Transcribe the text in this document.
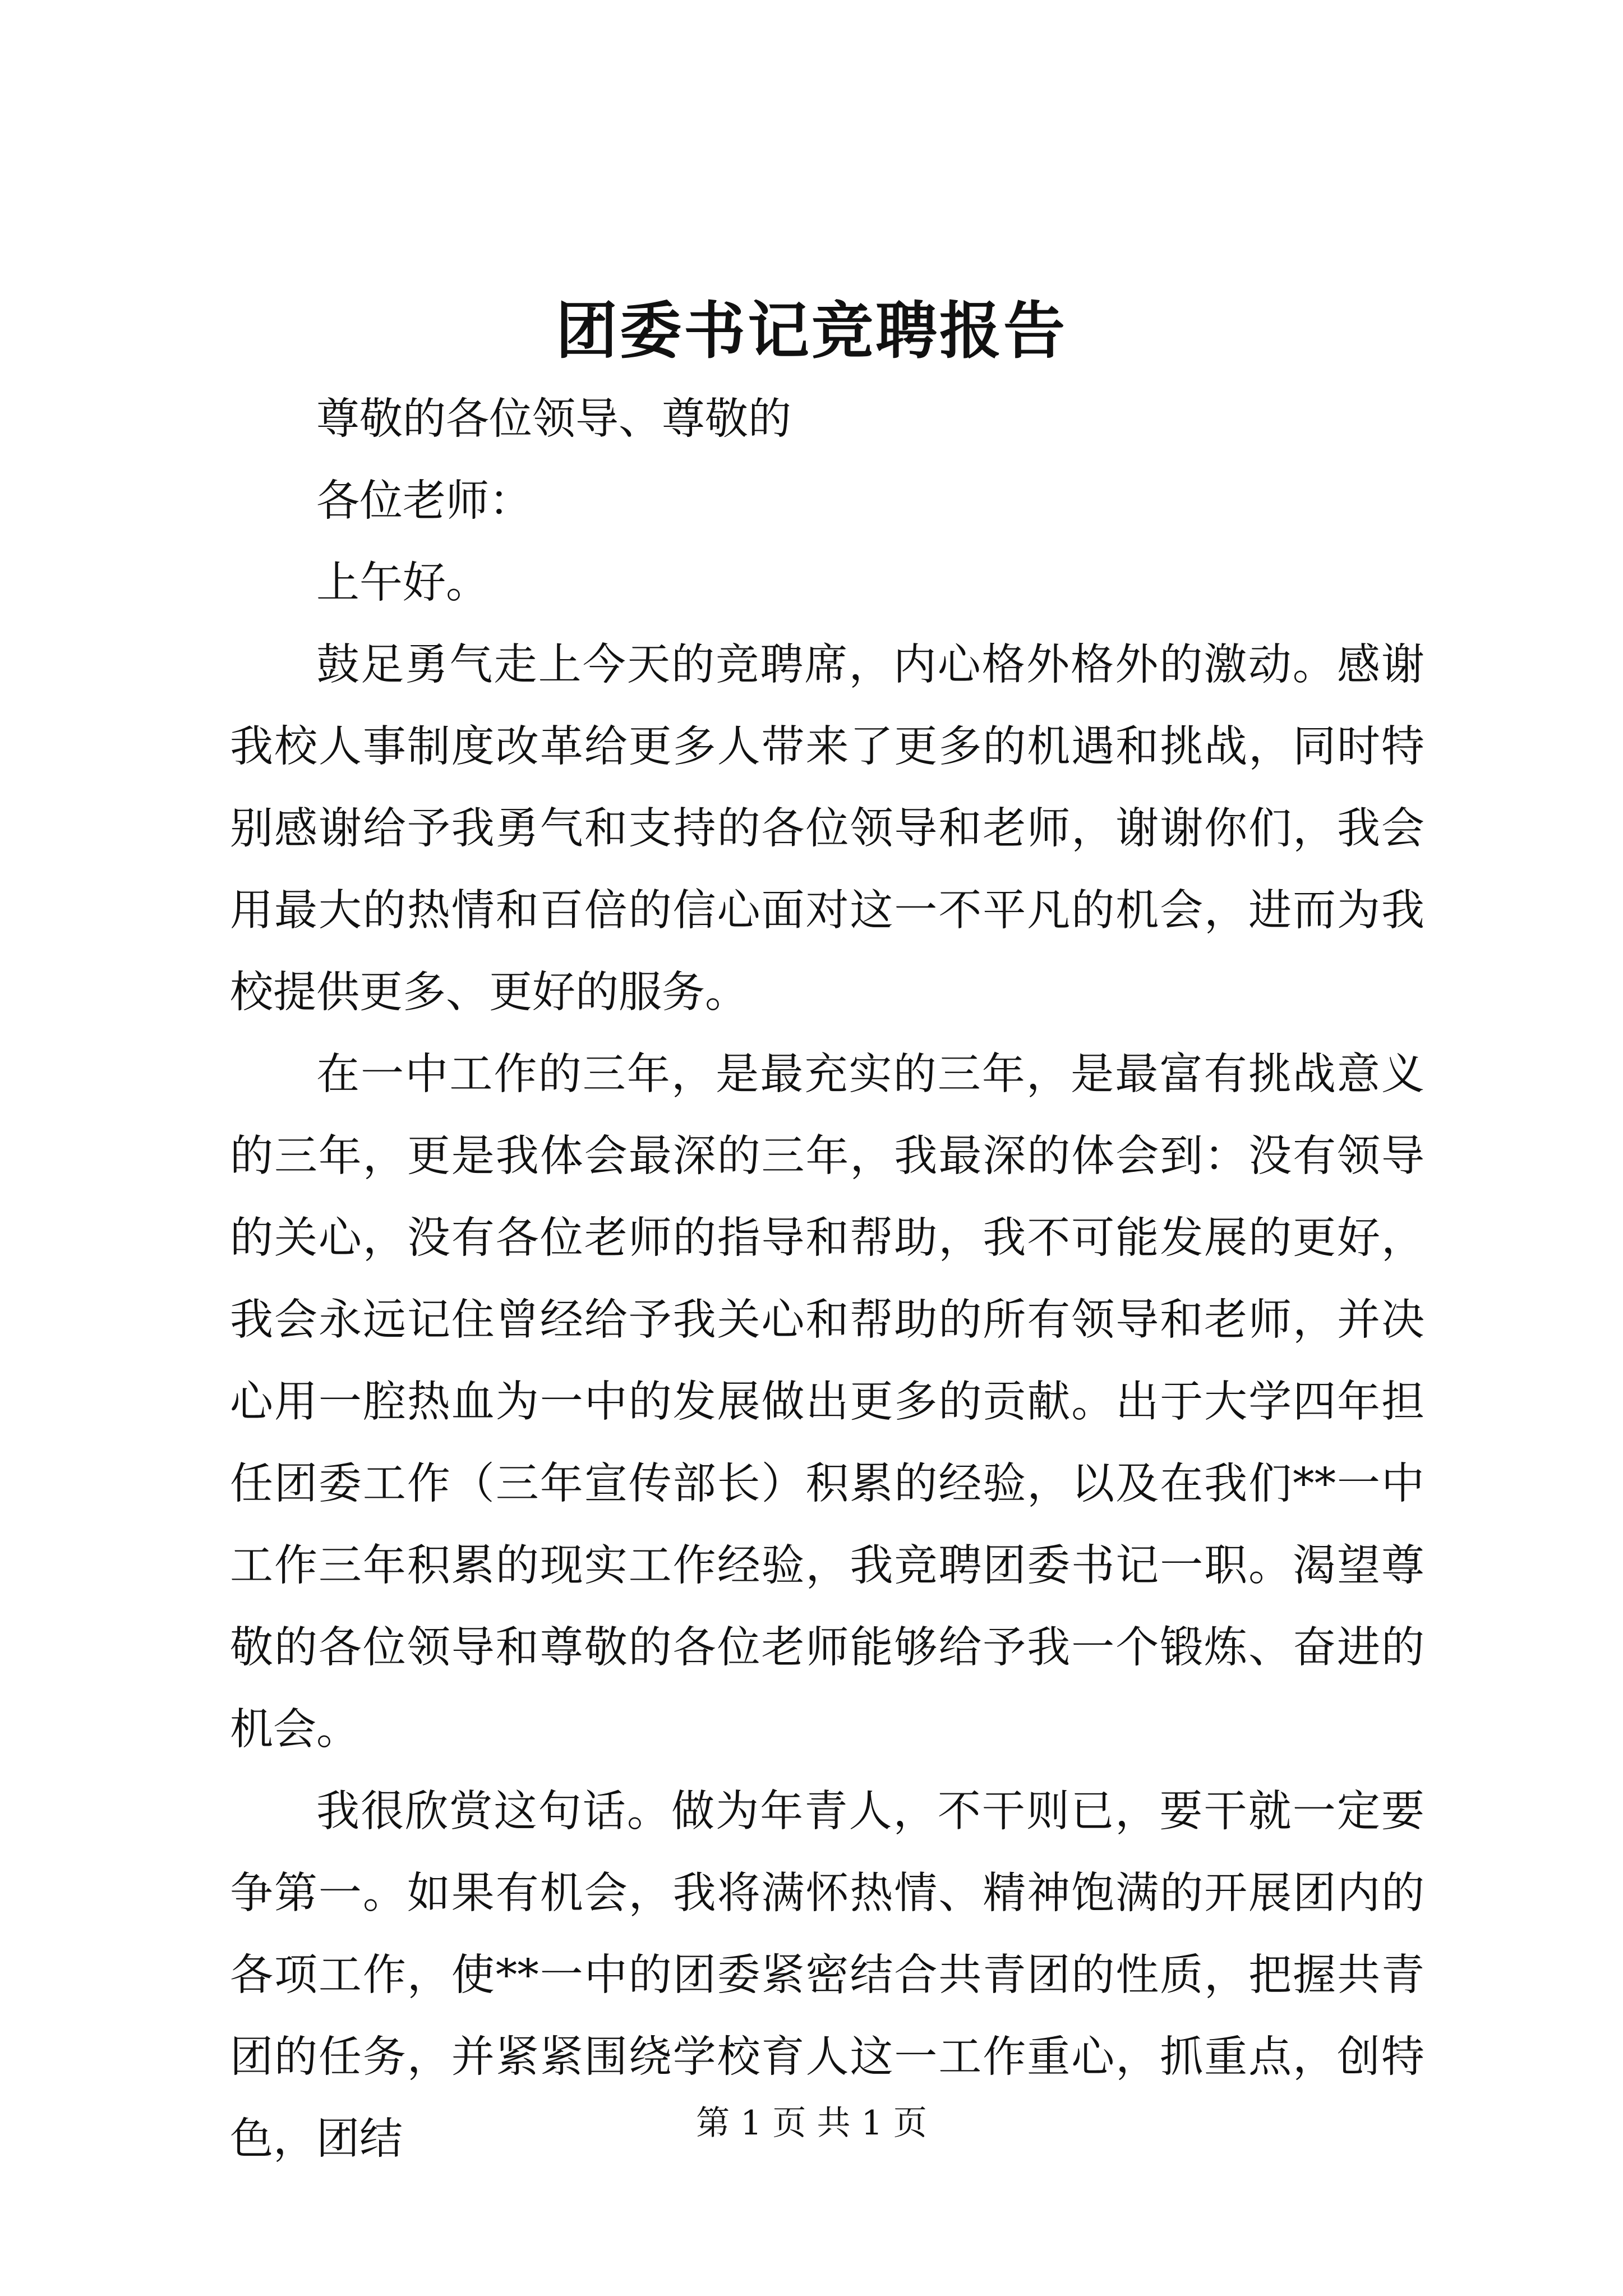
团委书记竞聘报告

尊敬的各位领导、尊敬的

各位老师：

上午好。

鼓足勇气走上今天的竞聘席，内心格外格外的激动。感谢我校人事制度改革给更多人带来了更多的机遇和挑战，同时特别感谢给予我勇气和支持的各位领导和老师，谢谢你们，我会用最大的热情和百倍的信心面对这一不平凡的机会，进而为我校提供更多、更好的服务。

在一中工作的三年，是最充实的三年，是最富有挑战意义的三年，更是我体会最深的三年，我最深的体会到：没有领导的关心，没有各位老师的指导和帮助，我不可能发展的更好，我会永远记住曾经给予我关心和帮助的所有领导和老师，并决心用一腔热血为一中的发展做出更多的贡献。出于大学四年担任团委工作（三年宣传部长）积累的经验，以及在我们**一中工作三年积累的现实工作经验，我竞聘团委书记一职。渴望尊敬的各位领导和尊敬的各位老师能够给予我一个锻炼、奋进的机会。

我很欣赏这句话。做为年青人，不干则已，要干就一定要争第一。如果有机会，我将满怀热情、精神饱满的开展团内的各项工作，使**一中的团委紧密结合共青团的性质，把握共青团的任务，并紧紧围绕学校育人这一工作重心，抓重点，创特色，团结	第 1 页 共 1 页
